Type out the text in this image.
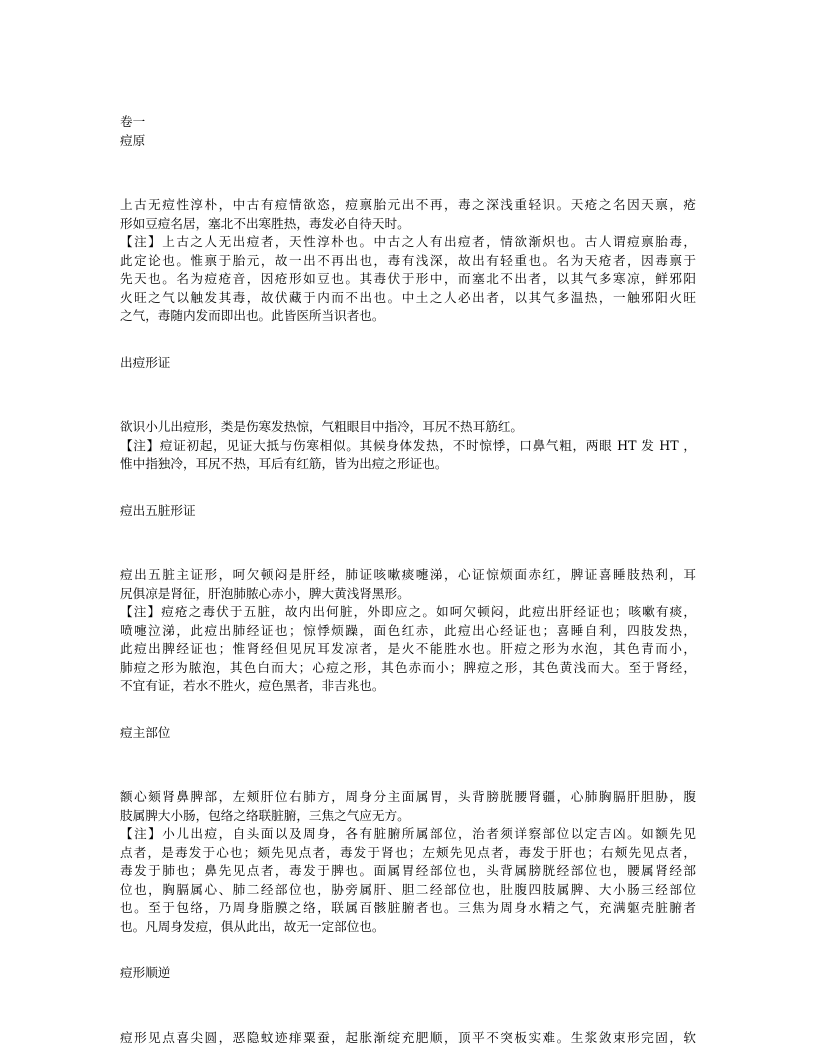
卷一
痘原
上古无痘性淳朴，中古有痘情欲恣，痘禀胎元出不再，毒之深浅重轻识。天疮之名因天禀，疮
形如豆痘名居，塞北不出寒胜热，毒发必自待天时。
【注】上古之人无出痘者，天性淳朴也。中古之人有出痘者，情欲渐炽也。古人谓痘禀胎毒，
此定论也。惟禀于胎元，故一出不再出也，毒有浅深，故出有轻重也。名为天疮者，因毒禀于
先天也。名为痘疮音，因疮形如豆也。其毒伏于形中，而塞北不出者，以其气多寒凉，鲜邪阳
火旺之气以触发其毒，故伏藏于内而不出也。中土之人必出者，以其气多温热，一触邪阳火旺
之气，毒随内发而即出也。此皆医所当识者也。
出痘形证
欲识小儿出痘形，类是伤寒发热惊，气粗眼目中指冷，耳尻不热耳筋红。
【注】痘证初起，见证大抵与伤寒相似。其候身体发热，不时惊悸，口鼻气粗，两眼 HT 发 HT ，
惟中指独冷，耳尻不热，耳后有红筋，皆为出痘之形证也。
痘出五脏形证
痘出五脏主证形，呵欠顿闷是肝经，肺证咳嗽痰嚏涕，心证惊烦面赤红，脾证喜睡肢热利，耳
尻俱凉是肾征，肝泡肺脓心赤小，脾大黄浅肾黑形。
【注】痘疮之毒伏于五脏，故内出何脏，外即应之。如呵欠顿闷，此痘出肝经证也；咳嗽有痰，
喷嚏泣涕，此痘出肺经证也；惊悸烦躁，面色红赤，此痘出心经证也；喜睡自利，四肢发热，
此痘出脾经证也；惟肾经但见尻耳发凉者，是火不能胜水也。肝痘之形为水泡，其色青而小，
肺痘之形为脓泡，其色白而大；心痘之形，其色赤而小；脾痘之形，其色黄浅而大。至于肾经，
不宜有证，若水不胜火，痘色黑者，非吉兆也。
痘主部位
额心颏肾鼻脾部，左颊肝位右肺方，周身分主面属胃，头背膀胱腰肾疆，心肺胸膈肝胆胁，腹
肢属脾大小肠，包络之络联脏腑，三焦之气应无方。
【注】小儿出痘，自头面以及周身，各有脏腑所属部位，治者须详察部位以定吉凶。如额先见
点者，是毒发于心也；颏先见点者，毒发于肾也；左颊先见点者，毒发于肝也；右颊先见点者，
毒发于肺也；鼻先见点者，毒发于脾也。面属胃经部位也，头背属膀胱经部位也，腰属肾经部
位也，胸膈属心、肺二经部位也，胁旁属肝、胆二经部位也，肚腹四肢属脾、大小肠三经部位
也。至于包络，乃周身脂膜之络，联属百骸脏腑者也。三焦为周身水精之气，充满躯壳脏腑者
也。凡周身发痘，俱从此出，故无一定部位也。
痘形顺逆
痘形见点喜尖圆，恶隐蚊迹痱粟蚕，起胀渐绽充肥顺，顶平不突板实难。生浆敛束形完固，软
